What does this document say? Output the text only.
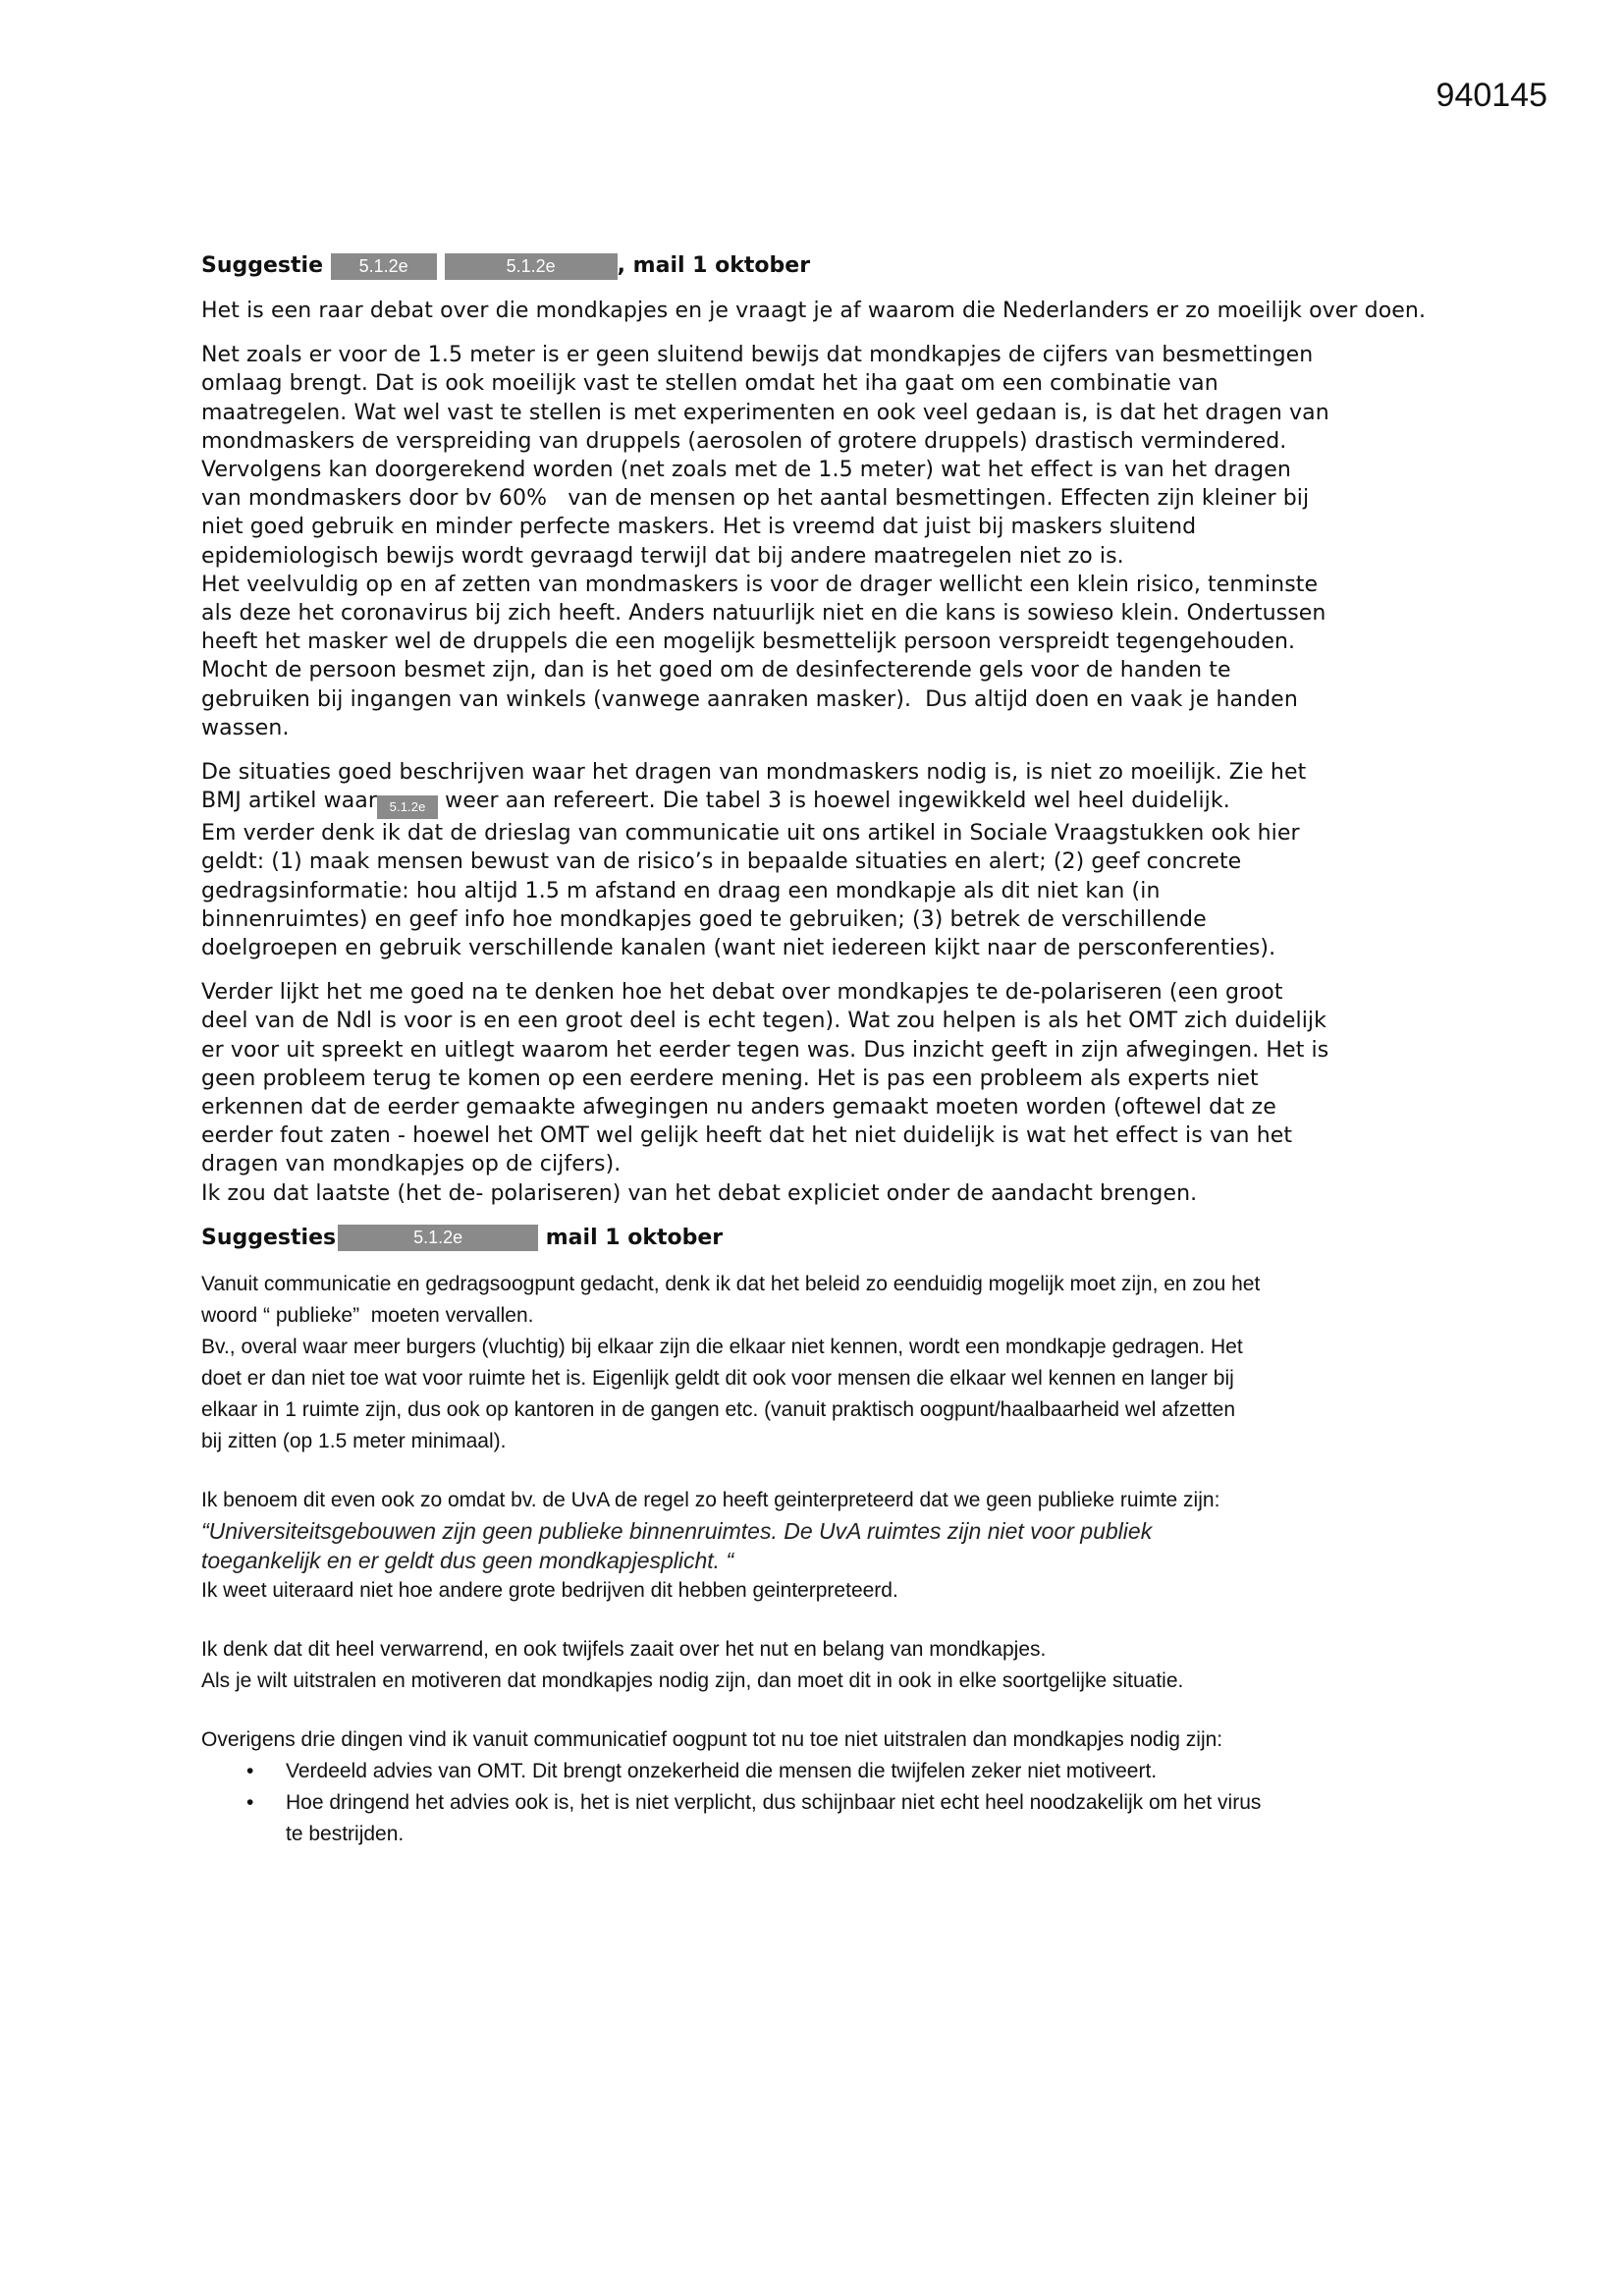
940145
Suggestie	5.1.2e	5.1.2e	, mail 1 oktober

Het is een raar debat over die mondkapjes en je vraagt je af waarom die Nederlanders er zo moeilijk over doen.

Net zoals er voor de 1.5 meter is er geen sluitend bewijs dat mondkapjes de cijfers van besmettingen
omlaag brengt. Dat is ook moeilijk vast te stellen omdat het iha gaat om een combinatie van
maatregelen. Wat wel vast te stellen is met experimenten en ook veel gedaan is, is dat het dragen van
mondmaskers de verspreiding van druppels (aerosolen of grotere druppels) drastisch vermindered.
Vervolgens kan doorgerekend worden (net zoals met de 1.5 meter) wat het effect is van het dragen
van mondmaskers door bv 60%   van de mensen op het aantal besmettingen. Effecten zijn kleiner bij
niet goed gebruik en minder perfecte maskers. Het is vreemd dat juist bij maskers sluitend
epidemiologisch bewijs wordt gevraagd terwijl dat bij andere maatregelen niet zo is.
Het veelvuldig op en af zetten van mondmaskers is voor de drager wellicht een klein risico, tenminste
als deze het coronavirus bij zich heeft. Anders natuurlijk niet en die kans is sowieso klein. Ondertussen
heeft het masker wel de druppels die een mogelijk besmettelijk persoon verspreidt tegengehouden.
Mocht de persoon besmet zijn, dan is het goed om de desinfecterende gels voor de handen te
gebruiken bij ingangen van winkels (vanwege aanraken masker).  Dus altijd doen en vaak je handen
wassen.
De situaties goed beschrijven waar het dragen van mondmaskers nodig is, is niet zo moeilijk. Zie het
BMJ artikel waar 5.1.2e weer aan refereert. Die tabel 3 is hoewel ingewikkeld wel heel duidelijk.
Em verder denk ik dat de drieslag van communicatie uit ons artikel in Sociale Vraagstukken ook hier
geldt: (1) maak mensen bewust van de risico’s in bepaalde situaties en alert; (2) geef concrete
gedragsinformatie: hou altijd 1.5 m afstand en draag een mondkapje als dit niet kan (in
binnenruimtes) en geef info hoe mondkapjes goed te gebruiken; (3) betrek de verschillende
doelgroepen en gebruik verschillende kanalen (want niet iedereen kijkt naar de persconferenties).
Verder lijkt het me goed na te denken hoe het debat over mondkapjes te de-polariseren (een groot
deel van de Ndl is voor is en een groot deel is echt tegen). Wat zou helpen is als het OMT zich duidelijk
er voor uit spreekt en uitlegt waarom het eerder tegen was. Dus inzicht geeft in zijn afwegingen. Het is
geen probleem terug te komen op een eerdere mening. Het is pas een probleem als experts niet
erkennen dat de eerder gemaakte afwegingen nu anders gemaakt moeten worden (oftewel dat ze
eerder fout zaten - hoewel het OMT wel gelijk heeft dat het niet duidelijk is wat het effect is van het
dragen van mondkapjes op de cijfers).
Ik zou dat laatste (het de- polariseren) van het debat expliciet onder de aandacht brengen.
Suggesties	5.1.2e	mail 1 oktober
Vanuit communicatie en gedragsoogpunt gedacht, denk ik dat het beleid zo eenduidig mogelijk moet zijn, en zou het
woord “ publieke”  moeten vervallen.
Bv., overal waar meer burgers (vluchtig) bij elkaar zijn die elkaar niet kennen, wordt een mondkapje gedragen. Het
doet er dan niet toe wat voor ruimte het is. Eigenlijk geldt dit ook voor mensen die elkaar wel kennen en langer bij
elkaar in 1 ruimte zijn, dus ook op kantoren in de gangen etc. (vanuit praktisch oogpunt/haalbaarheid wel afzetten
bij zitten (op 1.5 meter minimaal).
Ik benoem dit even ook zo omdat bv. de UvA de regel zo heeft geinterpreteerd dat we geen publieke ruimte zijn:
“Universiteitsgebouwen zijn geen publieke binnenruimtes. De UvA ruimtes zijn niet voor publiek
toegankelijk en er geldt dus geen mondkapjesplicht. “
Ik weet uiteraard niet hoe andere grote bedrijven dit hebben geinterpreteerd.
Ik denk dat dit heel verwarrend, en ook twijfels zaait over het nut en belang van mondkapjes.
Als je wilt uitstralen en motiveren dat mondkapjes nodig zijn, dan moet dit in ook in elke soortgelijke situatie.
Overigens drie dingen vind ik vanuit communicatief oogpunt tot nu toe niet uitstralen dan mondkapjes nodig zijn:
• Verdeeld advies van OMT. Dit brengt onzekerheid die mensen die twijfelen zeker niet motiveert.
• Hoe dringend het advies ook is, het is niet verplicht, dus schijnbaar niet echt heel noodzakelijk om het virus
te bestrijden.
